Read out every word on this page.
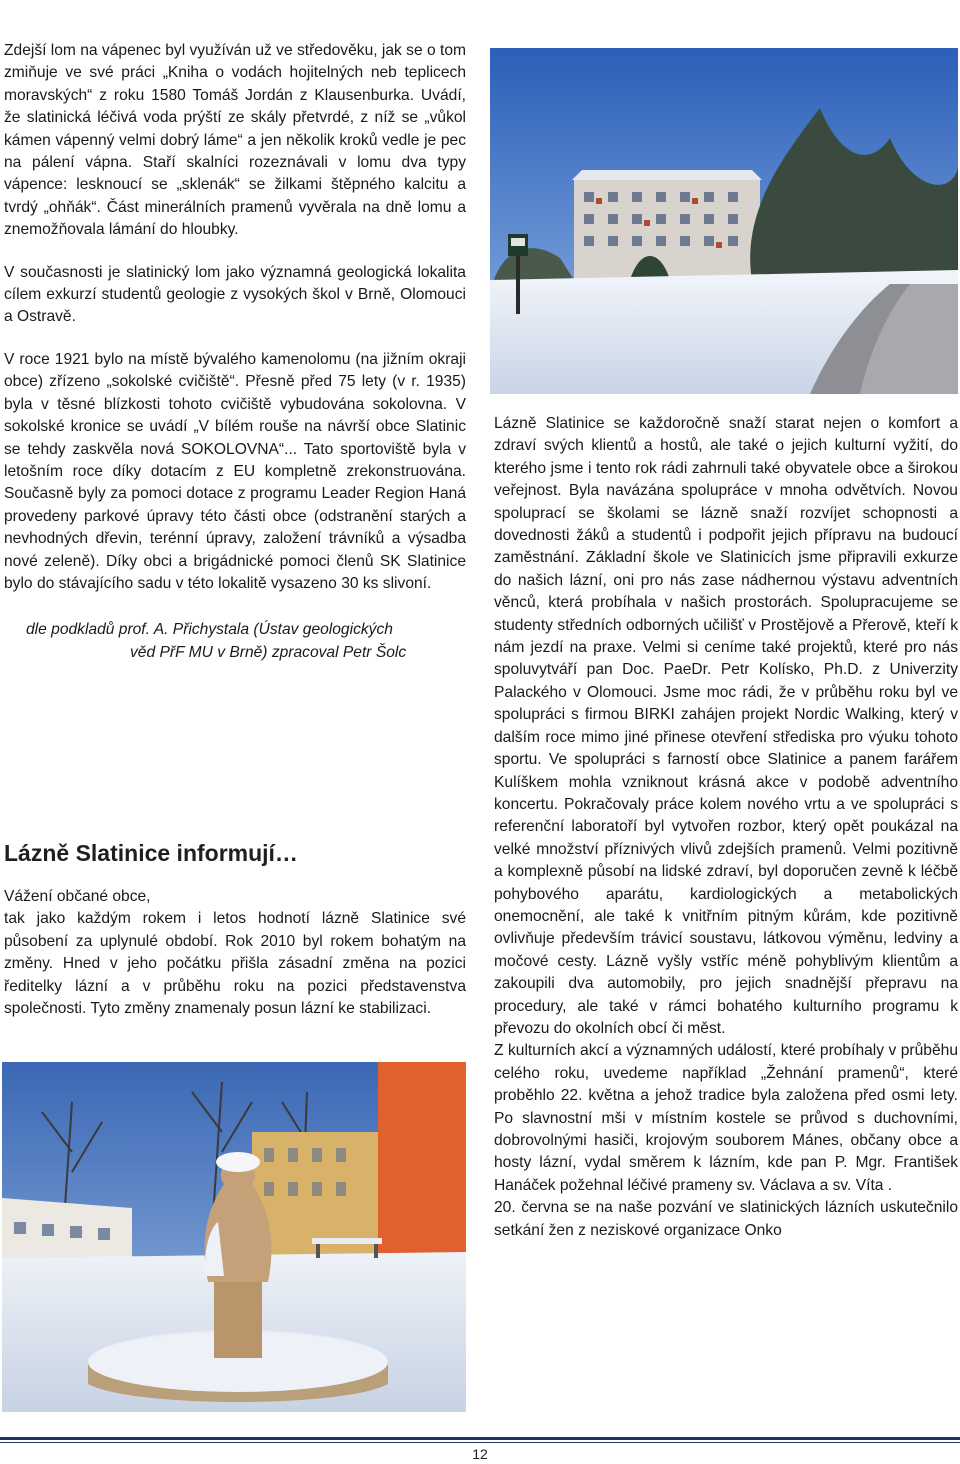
Zdejší lom na vápenec byl využíván už ve středověku, jak se o tom zmiňuje ve své práci „Kniha o vodách hojitelných neb teplicech moravských“ z roku 1580 Tomáš Jordán z Klausenburka. Uvádí, že slatinická léčivá voda prýští ze skály přetvrdé, z níž se „vůkol kámen vápenný velmi dobrý láme“ a jen několik kroků vedle je pec na pálení vápna. Staří skalníci rozeznávali v lomu dva typy vápence: lesknoucí se „sklenák“ se žilkami štěpného kalcitu a tvrdý „ohňák“. Část minerálních pramenů vyvěrala na dně lomu a znemožňovala lámání do hloubky.

V současnosti je slatinický lom jako významná geologická lokalita cílem exkurzí studentů geologie z vysokých škol v Brně, Olomouci a Ostravě.

V roce 1921 bylo na místě bývalého kamenolomu (na jižním okraji obce) zřízeno „sokolské cvičiště“. Přesně před 75 lety (v r. 1935) byla v těsné blízkosti tohoto cvičiště vybudována sokolovna. V sokolské kronice se uvádí „V bílém rouše na návrší obce Slatinic se tehdy zaskvěla nová SOKOLOVNA“... Tato sportoviště byla v letošním roce díky dotacím z EU kompletně zrekonstruována. Současně byly za pomoci dotace z programu Leader Region Haná provedeny parkové úpravy této části obce (odstranění starých a nevhodných dřevin, terénní úpravy, založení trávníků a výsadba nové zeleně). Díky obci a brigádnické pomoci členů SK Slatinice bylo do stávajícího sadu v této lokalitě vysazeno 30 ks slivoní.

dle podkladů prof. A. Přichystala (Ústav geologických
věd PřF MU v Brně) zpracoval Petr Šolc

Lázně Slatinice informují…

Vážení občané obce,

tak jako každým rokem i letos hodnotí lázně Slatinice své působení za uplynulé období. Rok 2010 byl rokem bohatým na změny. Hned v jeho počátku přišla zásadní změna na pozici ředitelky lázní a v průběhu roku na pozici představenstva společnosti. Tyto změny znamenaly posun lázní ke stabilizaci.

Lázně Slatinice se každoročně snaží starat nejen o komfort a zdraví svých klientů a hostů, ale také o jejich kulturní vyžití, do kterého jsme i tento rok rádi zahrnuli také obyvatele obce a širokou veřejnost. Byla navázána spolupráce v mnoha odvětvích. Novou spoluprací se školami se lázně snaží rozvíjet schopnosti a dovednosti žáků a studentů i podpořit jejich přípravu na budoucí zaměstnání. Základní škole ve Slatinicích jsme připravili exkurze do našich lázní, oni pro nás zase nádhernou výstavu adventních věnců, která probíhala v našich prostorách. Spolupracujeme se studenty středních odborných učilišť v Prostějově a Přerově, kteří k nám jezdí na praxe. Velmi si ceníme také projektů, které pro nás spoluvytváří pan Doc. PaeDr. Petr Kolísko, Ph.D. z Univerzity Palackého v Olomouci. Jsme moc rádi, že v průběhu roku byl ve spolupráci s firmou BIRKI zahájen projekt Nordic Walking, který v dalším roce mimo jiné přinese otevření střediska pro výuku tohoto sportu. Ve spolupráci s farností obce Slatinice a panem farářem Kulíškem mohla vzniknout krásná akce v podobě adventního koncertu. Pokračovaly práce kolem nového vrtu a ve spolupráci s referenční laboratoří byl vytvořen rozbor, který opět poukázal na velké množství příznivých vlivů zdejších pramenů. Velmi pozitivně a komplexně působí na lidské zdraví, byl doporučen zevně k léčbě pohybového aparátu, kardiologických a metabolických onemocnění, ale také k vnitřním pitným kůrám, kde pozitivně ovlivňuje především trávicí soustavu, látkovou výměnu, ledviny a močové cesty. Lázně vyšly vstříc méně pohyblivým klientům a zakoupili dva automobily, pro jejich snadnější přepravu na procedury, ale také v rámci bohatého kulturního programu k převozu do okolních obcí či měst.

Z kulturních akcí a významných událostí, které probíhaly v průběhu celého roku, uvedeme například „Žehnání pramenů“, které proběhlo 22. května a jehož tradice byla založena před osmi lety. Po slavnostní mši v místním kostele se průvod s duchovními, dobrovolnými hasiči, krojovým souborem Mánes, občany obce a hosty lázní, vydal směrem k lázním, kde pan P. Mgr. František Hanáček požehnal léčivé prameny sv. Václava a sv. Víta .

20. června se na naše pozvání ve slatinických lázních uskutečnilo setkání žen z neziskové organizace Onko

12
